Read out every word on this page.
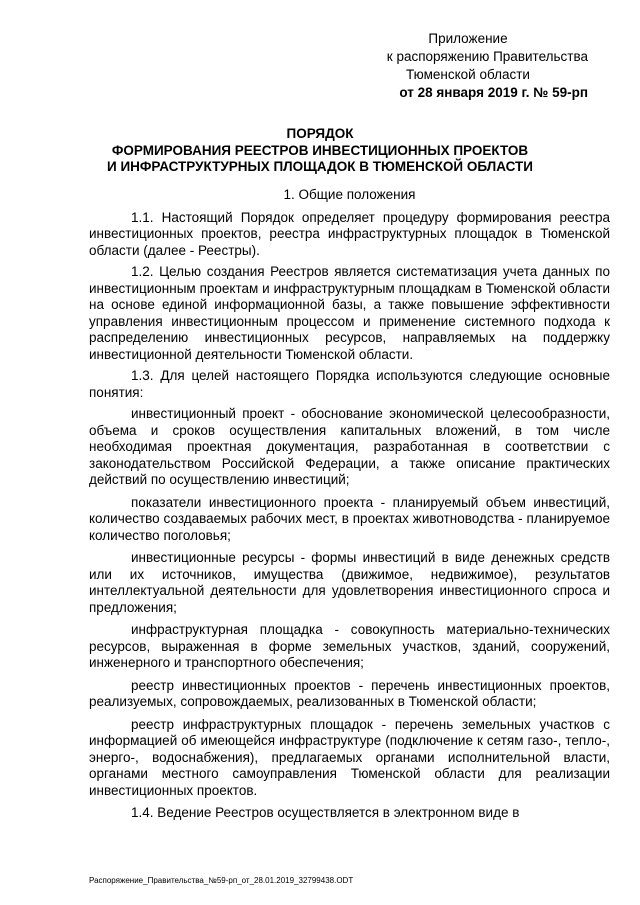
Приложение
к распоряжению Правительства
Тюменской области
от 28 января 2019 г. № 59-рп
ПОРЯДОК
ФОРМИРОВАНИЯ РЕЕСТРОВ ИНВЕСТИЦИОННЫХ ПРОЕКТОВ
И ИНФРАСТРУКТУРНЫХ ПЛОЩАДОК В ТЮМЕНСКОЙ ОБЛАСТИ
1. Общие положения

1.1. Настоящий Порядок определяет процедуру формирования реестра инвестиционных проектов, реестра инфраструктурных площадок в Тюменской области (далее - Реестры).

1.2. Целью создания Реестров является систематизация учета данных по инвестиционным проектам и инфраструктурным площадкам в Тюменской области на основе единой информационной базы, а также повышение эффективности управления инвестиционным процессом и применение системного подхода к распределению инвестиционных ресурсов, направляемых на поддержку инвестиционной деятельности Тюменской области.

1.3. Для целей настоящего Порядка используются следующие основные понятия:

инвестиционный проект - обоснование экономической целесообразности, объема и сроков осуществления капитальных вложений, в том числе необходимая проектная документация, разработанная в соответствии с законодательством Российской Федерации, а также описание практических действий по осуществлению инвестиций;

показатели инвестиционного проекта - планируемый объем инвестиций, количество создаваемых рабочих мест, в проектах животноводства - планируемое количество поголовья;

инвестиционные ресурсы - формы инвестиций в виде денежных средств или их источников, имущества (движимое, недвижимое), результатов интеллектуальной деятельности для удовлетворения инвестиционного спроса и предложения;

инфраструктурная площадка - совокупность материально-технических ресурсов, выраженная в форме земельных участков, зданий, сооружений, инженерного и транспортного обеспечения;

реестр инвестиционных проектов - перечень инвестиционных проектов, реализуемых, сопровождаемых, реализованных в Тюменской области;

реестр инфраструктурных площадок - перечень земельных участков с информацией об имеющейся инфраструктуре (подключение к сетям газо-, тепло-, энерго-, водоснабжения), предлагаемых органами исполнительной власти, органами местного самоуправления Тюменской области для реализации инвестиционных проектов.

1.4. Ведение Реестров осуществляется в электронном виде в

Распоряжение_Правительства_№59-рп_от_28.01.2019_32799438.ODT
